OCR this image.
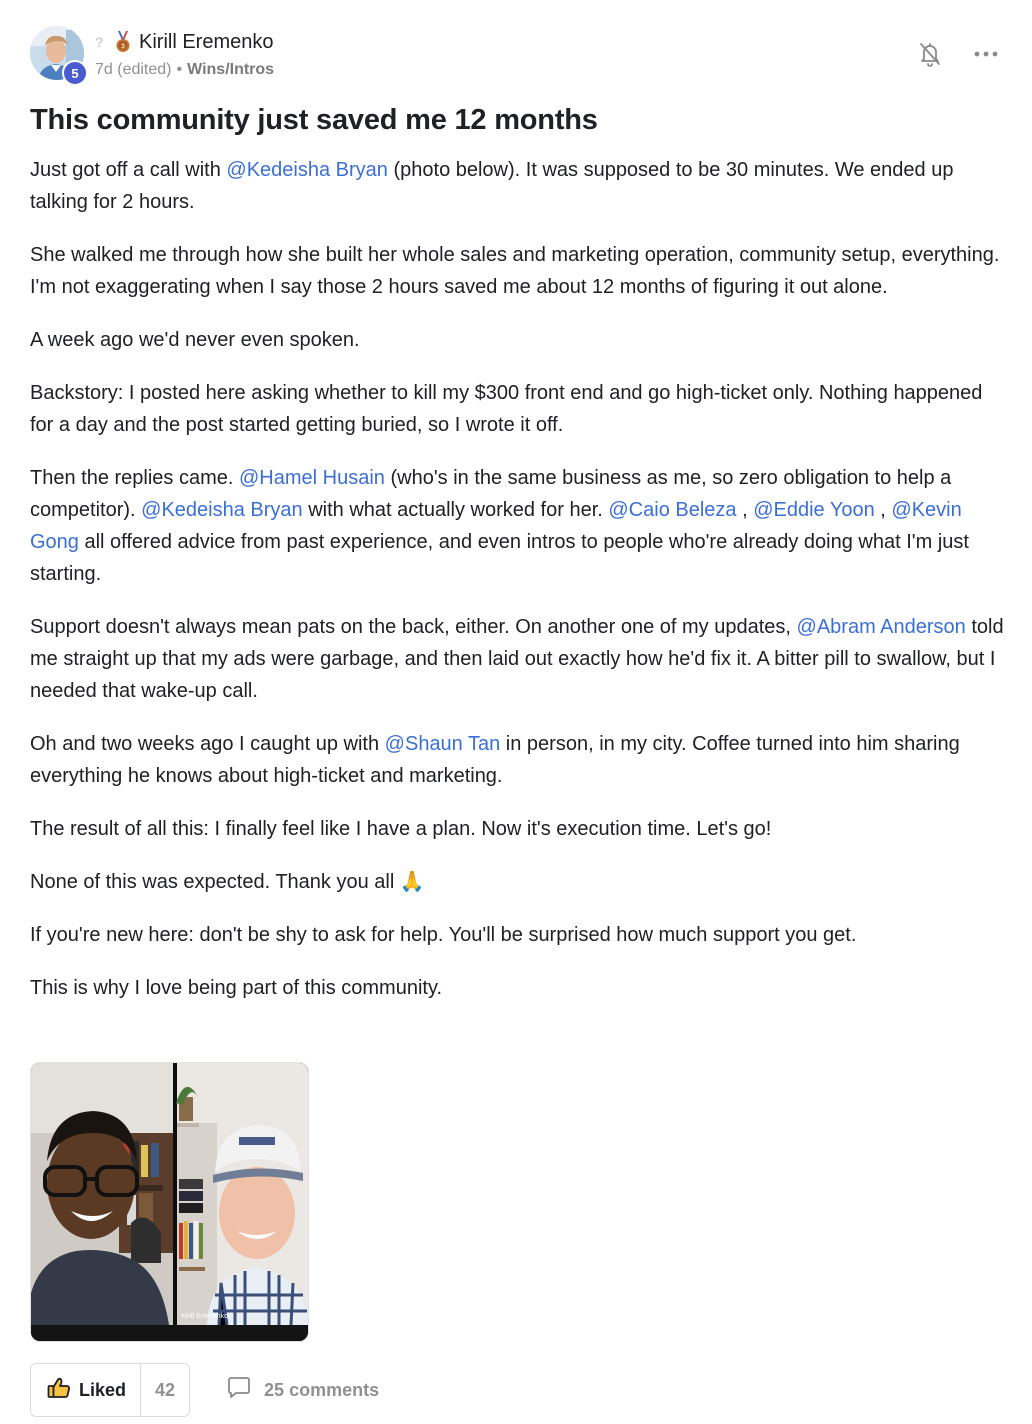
5
?	3 Kirill Eremenko
7d (edited) • Wins/Intros
This community just saved me 12 months

Just got off a call with @Kedeisha Bryan (photo below). It was supposed to be 30 minutes. We ended up talking for 2 hours.

She walked me through how she built her whole sales and marketing operation, community setup, everything. I'm not exaggerating when I say those 2 hours saved me about 12 months of figuring it out alone.

A week ago we'd never even spoken.

Backstory: I posted here asking whether to kill my $300 front end and go high-ticket only. Nothing happened for a day and the post started getting buried, so I wrote it off.

Then the replies came. @Hamel Husain (who's in the same business as me, so zero obligation to help a competitor). @Kedeisha Bryan with what actually worked for her. @Caio Beleza , @Eddie Yoon , @Kevin Gong all offered advice from past experience, and even intros to people who're already doing what I'm just starting.

Support doesn't always mean pats on the back, either. On another one of my updates, @Abram Anderson told me straight up that my ads were garbage, and then laid out exactly how he'd fix it. A bitter pill to swallow, but I needed that wake-up call.

Oh and two weeks ago I caught up with @Shaun Tan in person, in my city. Coffee turned into him sharing everything he knows about high-ticket and marketing.

The result of all this: I finally feel like I have a plan. Now it's execution time. Let's go!

None of this was expected. Thank you all 🙏

If you're new here: don't be shy to ask for help. You'll be surprised how much support you get.

This is why I love being part of this community.

Kirill Eremenko
Liked	42	25 comments
